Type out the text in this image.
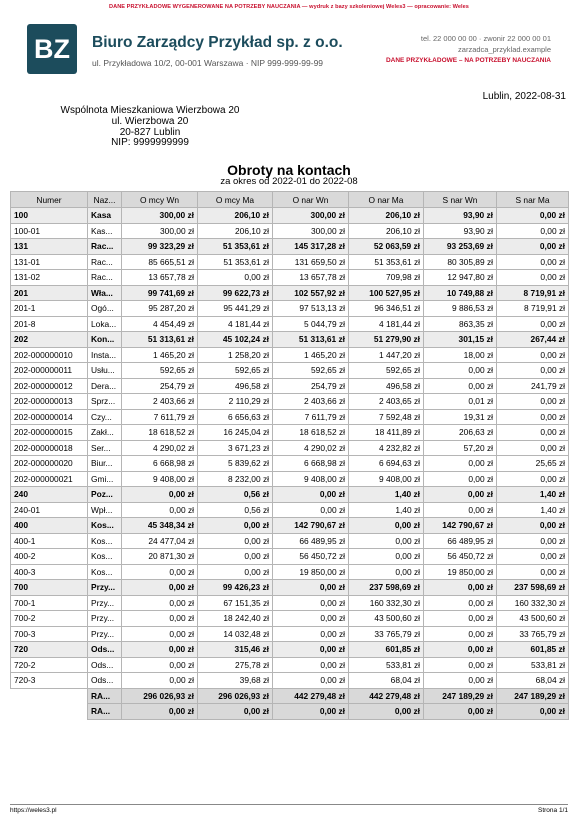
DANE PRZYKŁADOWE WYGENEROWANE NA POTRZEBY NAUCZANIA — wydruk z bazy szkoleniowej Weles3 — opracowanie: Weles
BZ	Biuro Zarządcy Przykład sp. z o.o.
ul. Przykładowa 10/2, 00-001 Warszawa · NIP 999-999-99-99
tel. 22 000 00 00 · zwonir 22 000 00 01
zarzadca_przyklad.example
DANE PRZYKŁADOWE – NA POTRZEBY NAUCZANIA
Lublin, 2022-08-31
Wspólnota Mieszkaniowa Wierzbowa 20
ul. Wierzbowa 20
20-827 Lublin
NIP: 9999999999
Obroty na kontach
za okres od 2022-01 do 2022-08
Numer	Naz...	O mcy Wn	O mcy Ma	O nar Wn	O nar Ma	S nar Wn	S nar Ma
100	Kasa	300,00 zł	206,10 zł	300,00 zł	206,10 zł	93,90 zł	0,00 zł
100-01	Kas...	300,00 zł	206,10 zł	300,00 zł	206,10 zł	93,90 zł	0,00 zł
131	Rac...	99 323,29 zł	51 353,61 zł	145 317,28 zł	52 063,59 zł	93 253,69 zł	0,00 zł
131-01	Rac...	85 665,51 zł	51 353,61 zł	131 659,50 zł	51 353,61 zł	80 305,89 zł	0,00 zł
131-02	Rac...	13 657,78 zł	0,00 zł	13 657,78 zł	709,98 zł	12 947,80 zł	0,00 zł
201	Wła...	99 741,69 zł	99 622,73 zł	102 557,92 zł	100 527,95 zł	10 749,88 zł	8 719,91 zł
201-1	Ogó...	95 287,20 zł	95 441,29 zł	97 513,13 zł	96 346,51 zł	9 886,53 zł	8 719,91 zł
201-8	Loka...	4 454,49 zł	4 181,44 zł	5 044,79 zł	4 181,44 zł	863,35 zł	0,00 zł
202	Kon...	51 313,61 zł	45 102,24 zł	51 313,61 zł	51 279,90 zł	301,15 zł	267,44 zł
202-000000010	Insta...	1 465,20 zł	1 258,20 zł	1 465,20 zł	1 447,20 zł	18,00 zł	0,00 zł
202-000000011	Usłu...	592,65 zł	592,65 zł	592,65 zł	592,65 zł	0,00 zł	0,00 zł
202-000000012	Dera...	254,79 zł	496,58 zł	254,79 zł	496,58 zł	0,00 zł	241,79 zł
202-000000013	Sprz...	2 403,66 zł	2 110,29 zł	2 403,66 zł	2 403,65 zł	0,01 zł	0,00 zł
202-000000014	Czy...	7 611,79 zł	6 656,63 zł	7 611,79 zł	7 592,48 zł	19,31 zł	0,00 zł
202-000000015	Zakł...	18 618,52 zł	16 245,04 zł	18 618,52 zł	18 411,89 zł	206,63 zł	0,00 zł
202-000000018	Ser...	4 290,02 zł	3 671,23 zł	4 290,02 zł	4 232,82 zł	57,20 zł	0,00 zł
202-000000020	Biur...	6 668,98 zł	5 839,62 zł	6 668,98 zł	6 694,63 zł	0,00 zł	25,65 zł
202-000000021	Gmi...	9 408,00 zł	8 232,00 zł	9 408,00 zł	9 408,00 zł	0,00 zł	0,00 zł
240	Poz...	0,00 zł	0,56 zł	0,00 zł	1,40 zł	0,00 zł	1,40 zł
240-01	Wpł...	0,00 zł	0,56 zł	0,00 zł	1,40 zł	0,00 zł	1,40 zł
400	Kos...	45 348,34 zł	0,00 zł	142 790,67 zł	0,00 zł	142 790,67 zł	0,00 zł
400-1	Kos...	24 477,04 zł	0,00 zł	66 489,95 zł	0,00 zł	66 489,95 zł	0,00 zł
400-2	Kos...	20 871,30 zł	0,00 zł	56 450,72 zł	0,00 zł	56 450,72 zł	0,00 zł
400-3	Kos...	0,00 zł	0,00 zł	19 850,00 zł	0,00 zł	19 850,00 zł	0,00 zł
700	Przy...	0,00 zł	99 426,23 zł	0,00 zł	237 598,69 zł	0,00 zł	237 598,69 zł
700-1	Przy...	0,00 zł	67 151,35 zł	0,00 zł	160 332,30 zł	0,00 zł	160 332,30 zł
700-2	Przy...	0,00 zł	18 242,40 zł	0,00 zł	43 500,60 zł	0,00 zł	43 500,60 zł
700-3	Przy...	0,00 zł	14 032,48 zł	0,00 zł	33 765,79 zł	0,00 zł	33 765,79 zł
720	Ods...	0,00 zł	315,46 zł	0,00 zł	601,85 zł	0,00 zł	601,85 zł
720-2	Ods...	0,00 zł	275,78 zł	0,00 zł	533,81 zł	0,00 zł	533,81 zł
720-3	Ods...	0,00 zł	39,68 zł	0,00 zł	68,04 zł	0,00 zł	68,04 zł
	RA...	296 026,93 zł	296 026,93 zł	442 279,48 zł	442 279,48 zł	247 189,29 zł	247 189,29 zł
	RA...	0,00 zł	0,00 zł	0,00 zł	0,00 zł	0,00 zł	0,00 zł
https://weles3.pl	Strona 1/1
